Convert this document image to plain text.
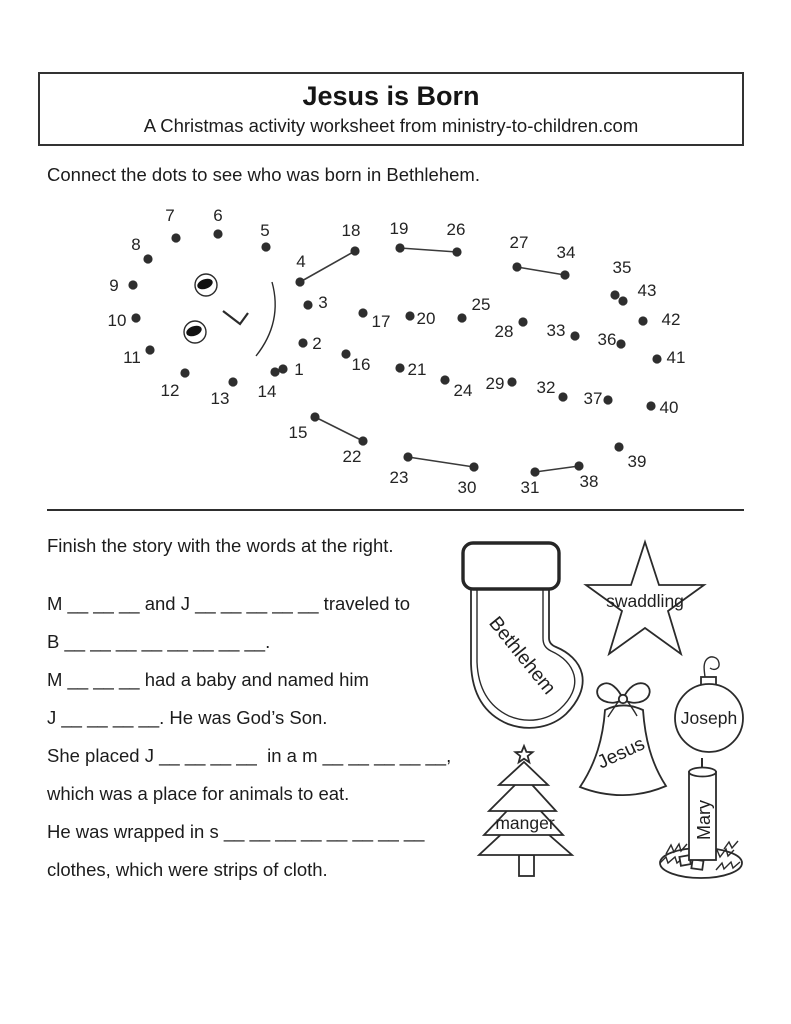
Jesus is Born
A Christmas activity worksheet from ministry-to-children.com
Connect the dots to see who was born in Bethlehem.
1
2
3
4
5
6
7
8
9
10
11
12 13 14
15
16
17
18 19
20
21
22
23
24
25
26
27
28
29
30	31
32
33
34
35
36
37
38
39
40
41
42
43
Finish the story with the words at the right.
M __ __ __ and J __ __ __ __ __ traveled to
B __ __ __ __ __ __ __ __.
M __ __ __ had a baby and named him
J __ __ __ __. He was God’s Son.
She placed J __ __ __ __  in a m __ __ __ __ __,
which was a place for animals to eat.
He was wrapped in s __ __ __ __ __ __ __ __
clothes, which were strips of cloth.
Bethlehem
swaddling
Joseph
Jesus
manger	Mary
